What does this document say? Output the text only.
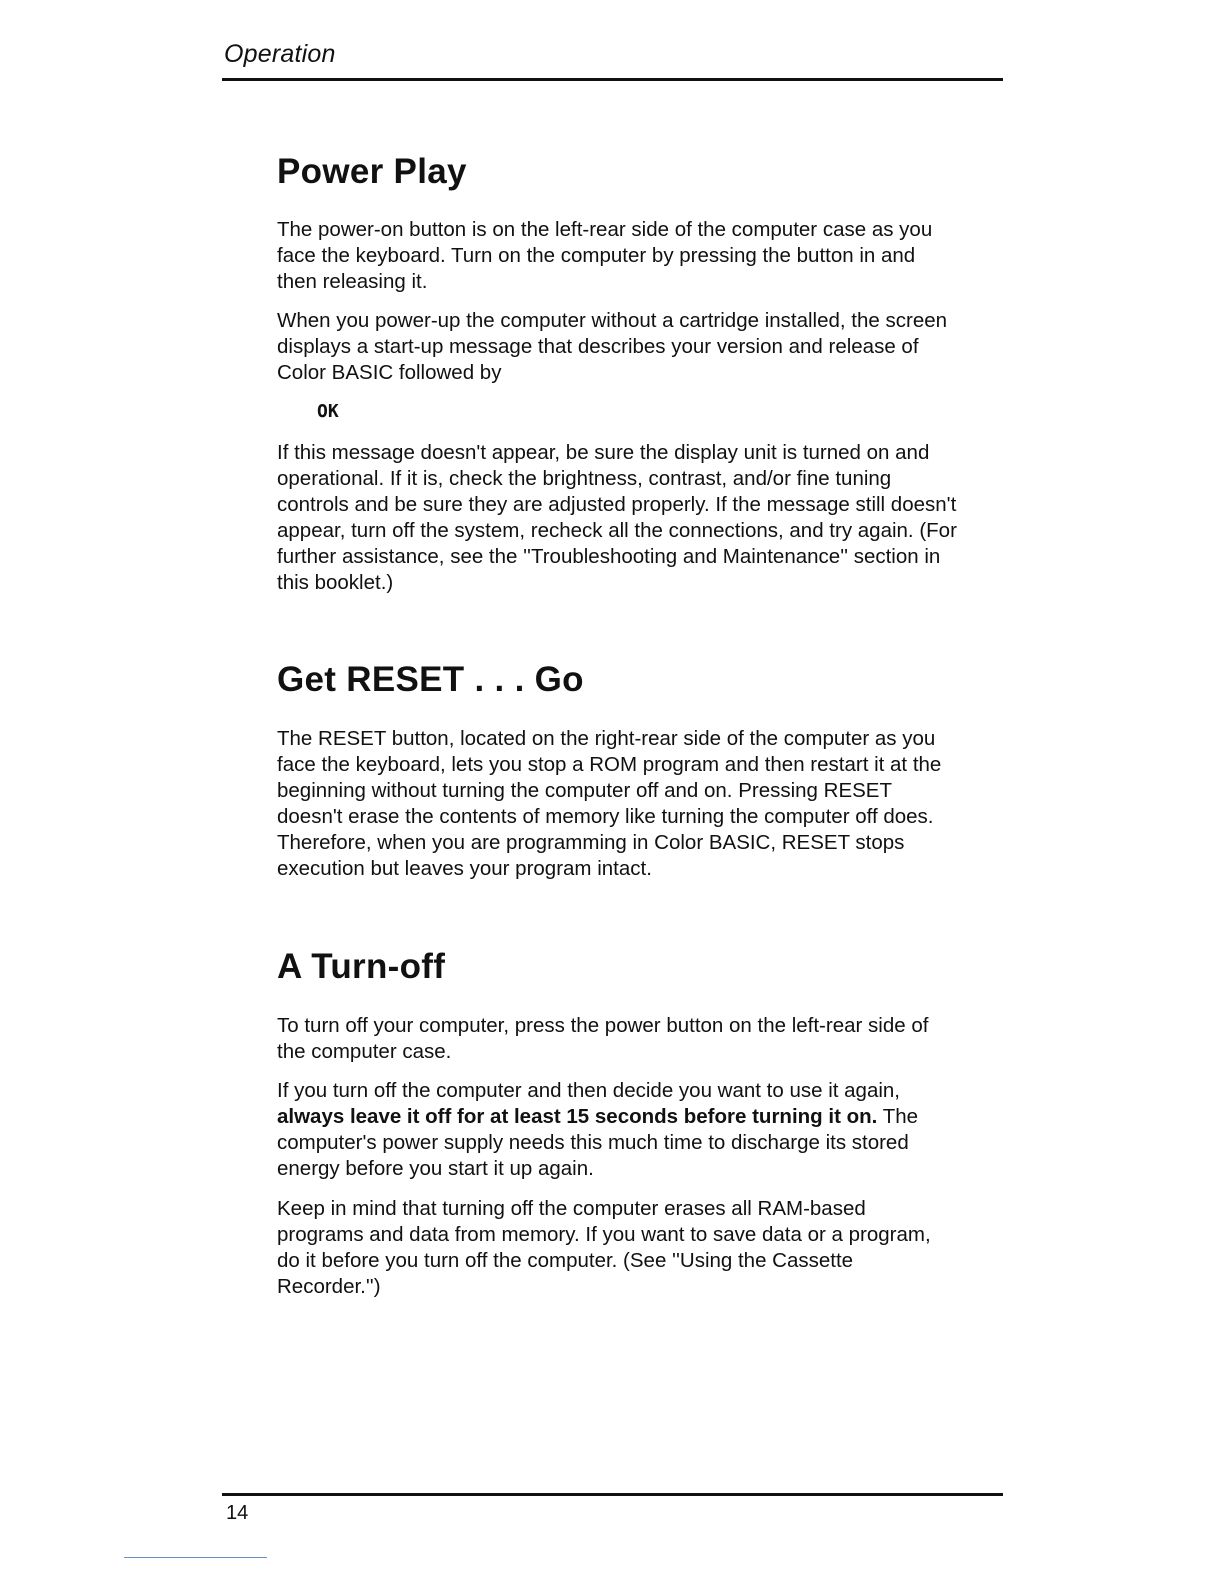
Operation
Power Play

The power-on button is on the left-rear side of the computer case as you face the keyboard. Turn on the computer by pressing the button in and then releasing it.

When you power-up the computer without a cartridge installed, the screen displays a start-up message that describes your version and release of Color BASIC followed by

OK

If this message doesn't appear, be sure the display unit is turned on and operational. If it is, check the brightness, contrast, and/or fine tuning controls and be sure they are adjusted properly. If the message still doesn't appear, turn off the system, recheck all the connections, and try again. (For further assistance, see the ''Troubleshooting and Maintenance'' section in this booklet.)

Get RESET . . . Go

The RESET button, located on the right-rear side of the computer as you face the keyboard, lets you stop a ROM program and then restart it at the beginning without turning the computer off and on. Pressing RESET doesn't erase the contents of memory like turning the computer off does. Therefore, when you are programming in Color BASIC, RESET stops execution but leaves your program intact.

A Turn-off

To turn off your computer, press the power button on the left-rear side of the computer case.

If you turn off the computer and then decide you want to use it again, always leave it off for at least 15 seconds before turning it on. The computer's power supply needs this much time to discharge its stored energy before you start it up again.

Keep in mind that turning off the computer erases all RAM-based programs and data from memory. If you want to save data or a program, do it before you turn off the computer. (See ''Using the Cassette Recorder.'')

14
